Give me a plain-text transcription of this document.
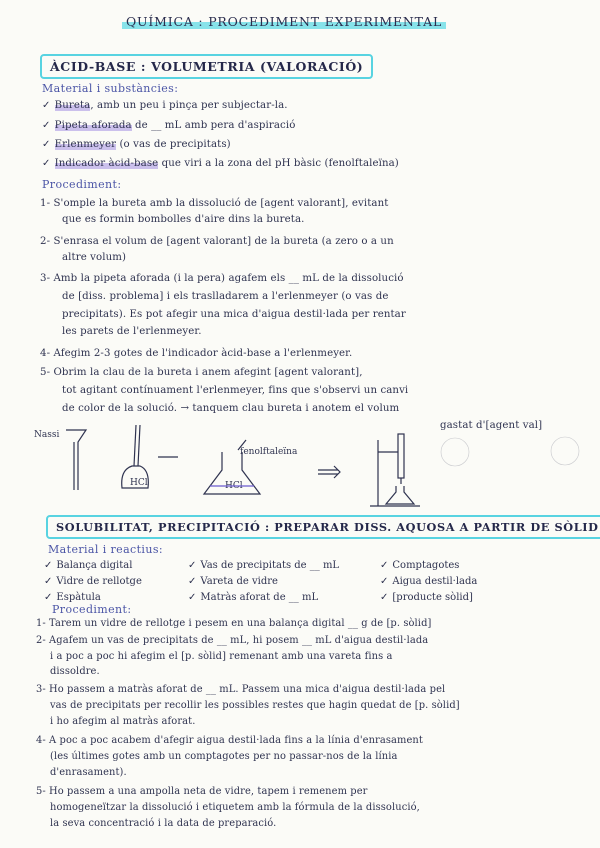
QUÍMICA : PROCEDIMENT EXPERIMENTAL
ÀCID-BASE : VOLUMETRIA (VALORACIÓ)
Material i substàncies:
✓ Bureta, amb un peu i pinça per subjectar-la.
✓ Pipeta aforada de __ mL amb pera d'aspiració
✓ Erlenmeyer (o vas de precipitats)
✓ Indicador àcid-base que viri a la zona del pH bàsic (fenolftaleïna)
Procediment:
1- S'omple la bureta amb la dissolució de [agent valorant], evitant
que es formin bombolles d'aire dins la bureta.
2- S'enrasa el volum de [agent valorant] de la bureta (a zero o a un
altre volum)
3- Amb la pipeta aforada (i la pera) agafem els __ mL de la dissolució
de [diss. problema] i els traslladarem a l'erlenmeyer (o vas de
precipitats). Es pot afegir una mica d'aigua destil·lada per rentar
les parets de l'erlenmeyer.
4- Afegim 2-3 gotes de l'indicador àcid-base a l'erlenmeyer.
5- Obrim la clau de la bureta i anem afegint [agent valorant],
tot agitant contínuament l'erlenmeyer, fins que s'observi un canvi
de color de la solució. → tanquem clau bureta i anotem el volum
gastat d'[agent val]
Nassi
fenolftaleïna
HCl	HCl
SOLUBILITAT, PRECIPITACIÓ : PREPARAR DISS. AQUOSA A PARTIR DE SÒLID
Material i reactius:
✓ Balança digital
✓ Vidre de rellotge
✓ Espàtula
✓ Vas de precipitats de __ mL
✓ Vareta de vidre
✓ Matràs aforat de __ mL
✓ Comptagotes
✓ Aigua destil·lada
✓ [producte sòlid]
Procediment:
1- Tarem un vidre de rellotge i pesem en una balança digital __ g de [p. sòlid]
2- Agafem un vas de precipitats de __ mL, hi posem __ mL d'aigua destil·lada
i a poc a poc hi afegim el [p. sòlid] remenant amb una vareta fins a
dissoldre.
3- Ho passem a matràs aforat de __ mL. Passem una mica d'aigua destil·lada pel
vas de precipitats per recollir les possibles restes que hagin quedat de [p. sòlid]
i ho afegim al matràs aforat.
4- A poc a poc acabem d'afegir aigua destil·lada fins a la línia d'enrasament
(les últimes gotes amb un comptagotes per no passar-nos de la línia
d'enrasament).
5- Ho passem a una ampolla neta de vidre, tapem i remenem per
homogeneïtzar la dissolució i etiquetem amb la fórmula de la dissolució,
la seva concentració i la data de preparació.
